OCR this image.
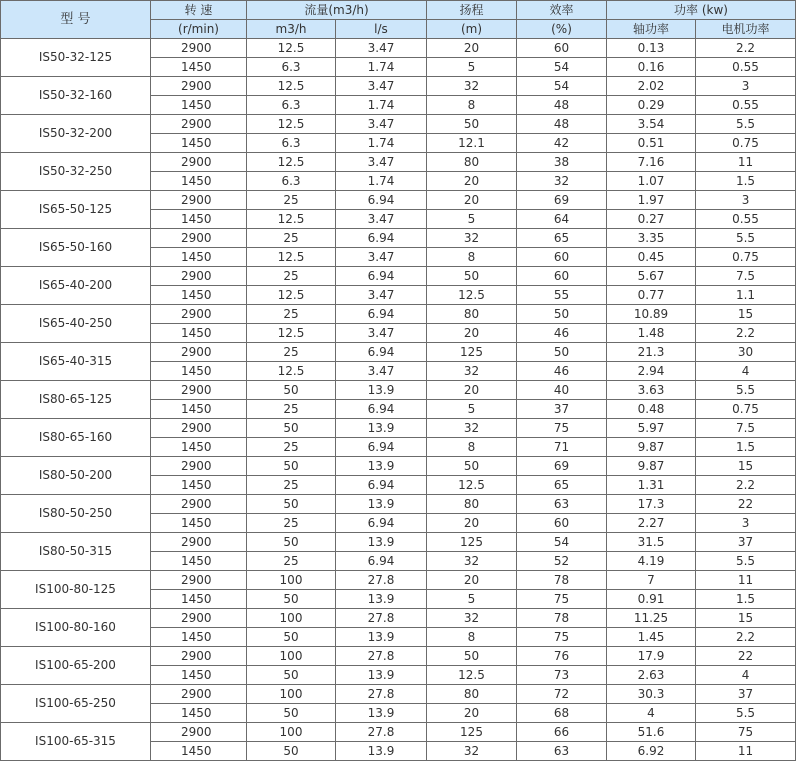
型 号	转 速	流量(m3/h)		扬程	效率	功率 (kw)	
	(r/min)	m3/h	l/s	(m)	(%)	轴功率	电机功率
IS50-32-125	2900	12.5	3.47	20	60	0.13	2.2
	1450	6.3	1.74	5	54	0.16	0.55
IS50-32-160	2900	12.5	3.47	32	54	2.02	3
	1450	6.3	1.74	8	48	0.29	0.55
IS50-32-200	2900	12.5	3.47	50	48	3.54	5.5
	1450	6.3	1.74	12.1	42	0.51	0.75
IS50-32-250	2900	12.5	3.47	80	38	7.16	11
	1450	6.3	1.74	20	32	1.07	1.5
IS65-50-125	2900	25	6.94	20	69	1.97	3
	1450	12.5	3.47	5	64	0.27	0.55
IS65-50-160	2900	25	6.94	32	65	3.35	5.5
	1450	12.5	3.47	8	60	0.45	0.75
IS65-40-200	2900	25	6.94	50	60	5.67	7.5
	1450	12.5	3.47	12.5	55	0.77	1.1
IS65-40-250	2900	25	6.94	80	50	10.89	15
	1450	12.5	3.47	20	46	1.48	2.2
IS65-40-315	2900	25	6.94	125	50	21.3	30
	1450	12.5	3.47	32	46	2.94	4
IS80-65-125	2900	50	13.9	20	40	3.63	5.5
	1450	25	6.94	5	37	0.48	0.75
IS80-65-160	2900	50	13.9	32	75	5.97	7.5
	1450	25	6.94	8	71	9.87	1.5
IS80-50-200	2900	50	13.9	50	69	9.87	15
	1450	25	6.94	12.5	65	1.31	2.2
IS80-50-250	2900	50	13.9	80	63	17.3	22
	1450	25	6.94	20	60	2.27	3
IS80-50-315	2900	50	13.9	125	54	31.5	37
	1450	25	6.94	32	52	4.19	5.5
IS100-80-125	2900	100	27.8	20	78	7	11
	1450	50	13.9	5	75	0.91	1.5
IS100-80-160	2900	100	27.8	32	78	11.25	15
	1450	50	13.9	8	75	1.45	2.2
IS100-65-200	2900	100	27.8	50	76	17.9	22
	1450	50	13.9	12.5	73	2.63	4
IS100-65-250	2900	100	27.8	80	72	30.3	37
	1450	50	13.9	20	68	4	5.5
IS100-65-315	2900	100	27.8	125	66	51.6	75
	1450	50	13.9	32	63	6.92	11
